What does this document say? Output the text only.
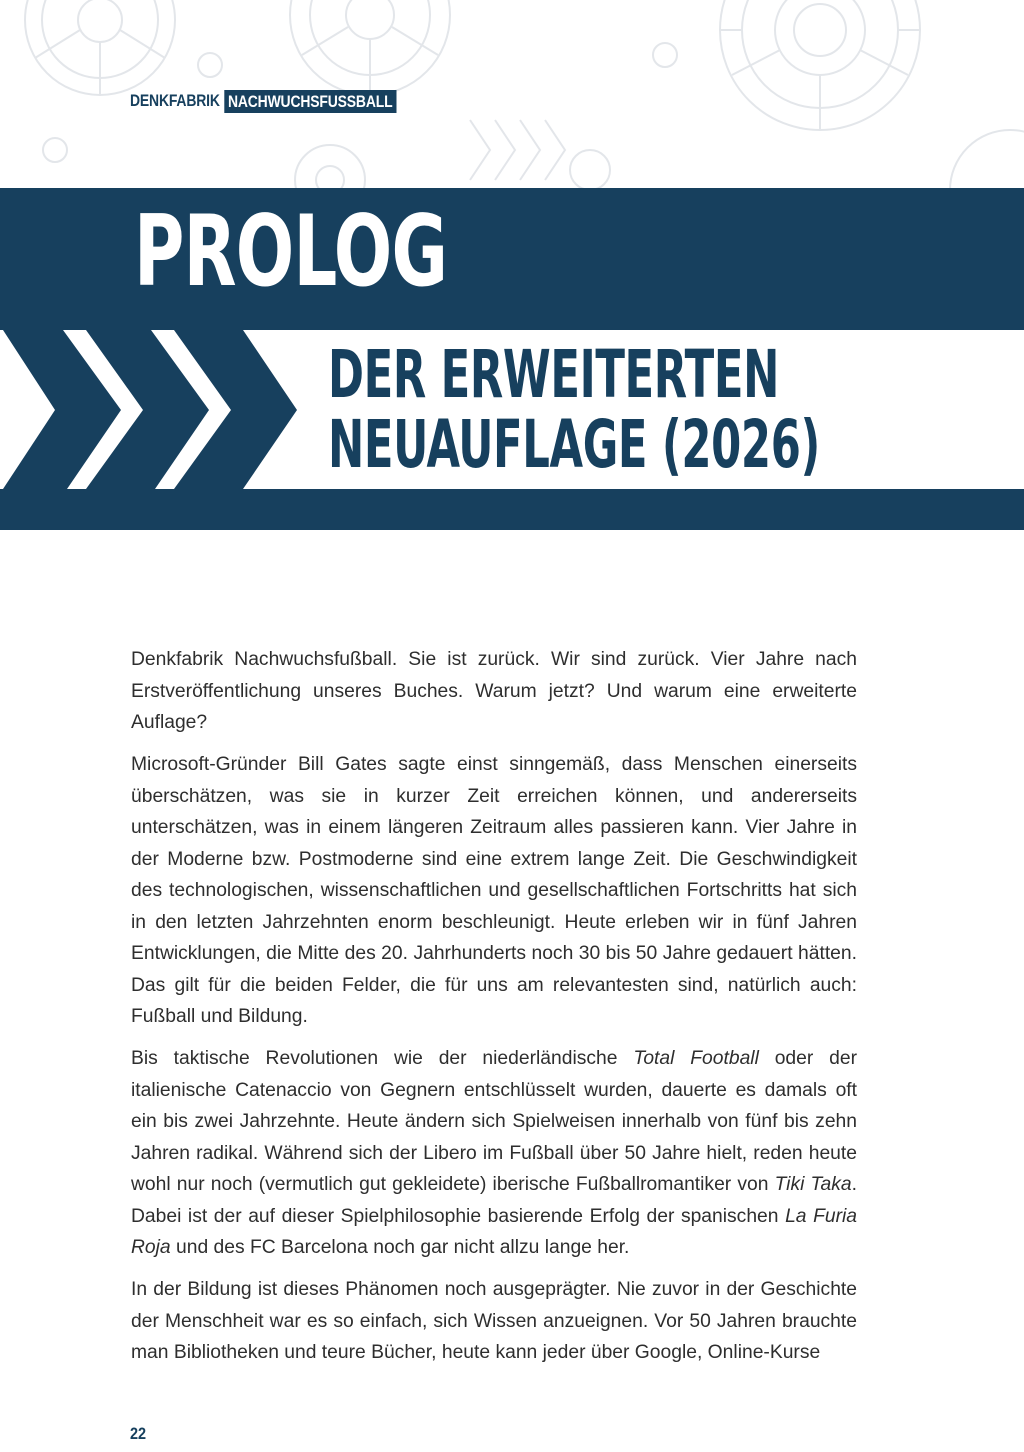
DENKFABRIK NACHWUCHSFUSSBALL
PROLOG
DER ERWEITERTEN
NEUAUFLAGE (2026)

Denkfabrik Nachwuchsfußball. Sie ist zurück. Wir sind zurück. Vier Jahre nach Erstveröffentlichung unseres Buches. Warum jetzt? Und warum eine erweiterte Auflage?

Microsoft-Gründer Bill Gates sagte einst sinngemäß, dass Menschen einerseits überschätzen, was sie in kurzer Zeit erreichen können, und andererseits unterschätzen, was in einem längeren Zeitraum alles passieren kann. Vier Jahre in der Moderne bzw. Postmoderne sind eine extrem lange Zeit. Die Geschwindigkeit des technologischen, wissenschaftlichen und gesellschaftlichen Fortschritts hat sich in den letzten Jahrzehnten enorm beschleunigt. Heute erleben wir in fünf Jahren Entwicklungen, die Mitte des 20. Jahrhunderts noch 30 bis 50 Jahre gedauert hätten. Das gilt für die beiden Felder, die für uns am relevantesten sind, natürlich auch: Fußball und Bildung.

Bis taktische Revolutionen wie der niederländische Total Football oder der italienische Catenaccio von Gegnern entschlüsselt wurden, dauerte es damals oft ein bis zwei Jahrzehnte. Heute ändern sich Spielweisen innerhalb von fünf bis zehn Jahren radikal. Während sich der Libero im Fußball über 50 Jahre hielt, reden heute wohl nur noch (vermutlich gut gekleidete) iberische Fußballromantiker von Tiki Taka. Dabei ist der auf dieser Spielphilosophie basierende Erfolg der spanischen La Furia Roja und des FC Barcelona noch gar nicht allzu lange her.

In der Bildung ist dieses Phänomen noch ausgeprägter. Nie zuvor in der Geschichte der Menschheit war es so einfach, sich Wissen anzueignen. Vor 50 Jahren brauchte man Bibliotheken und teure Bücher, heute kann jeder über Google, Online-Kurse

22
